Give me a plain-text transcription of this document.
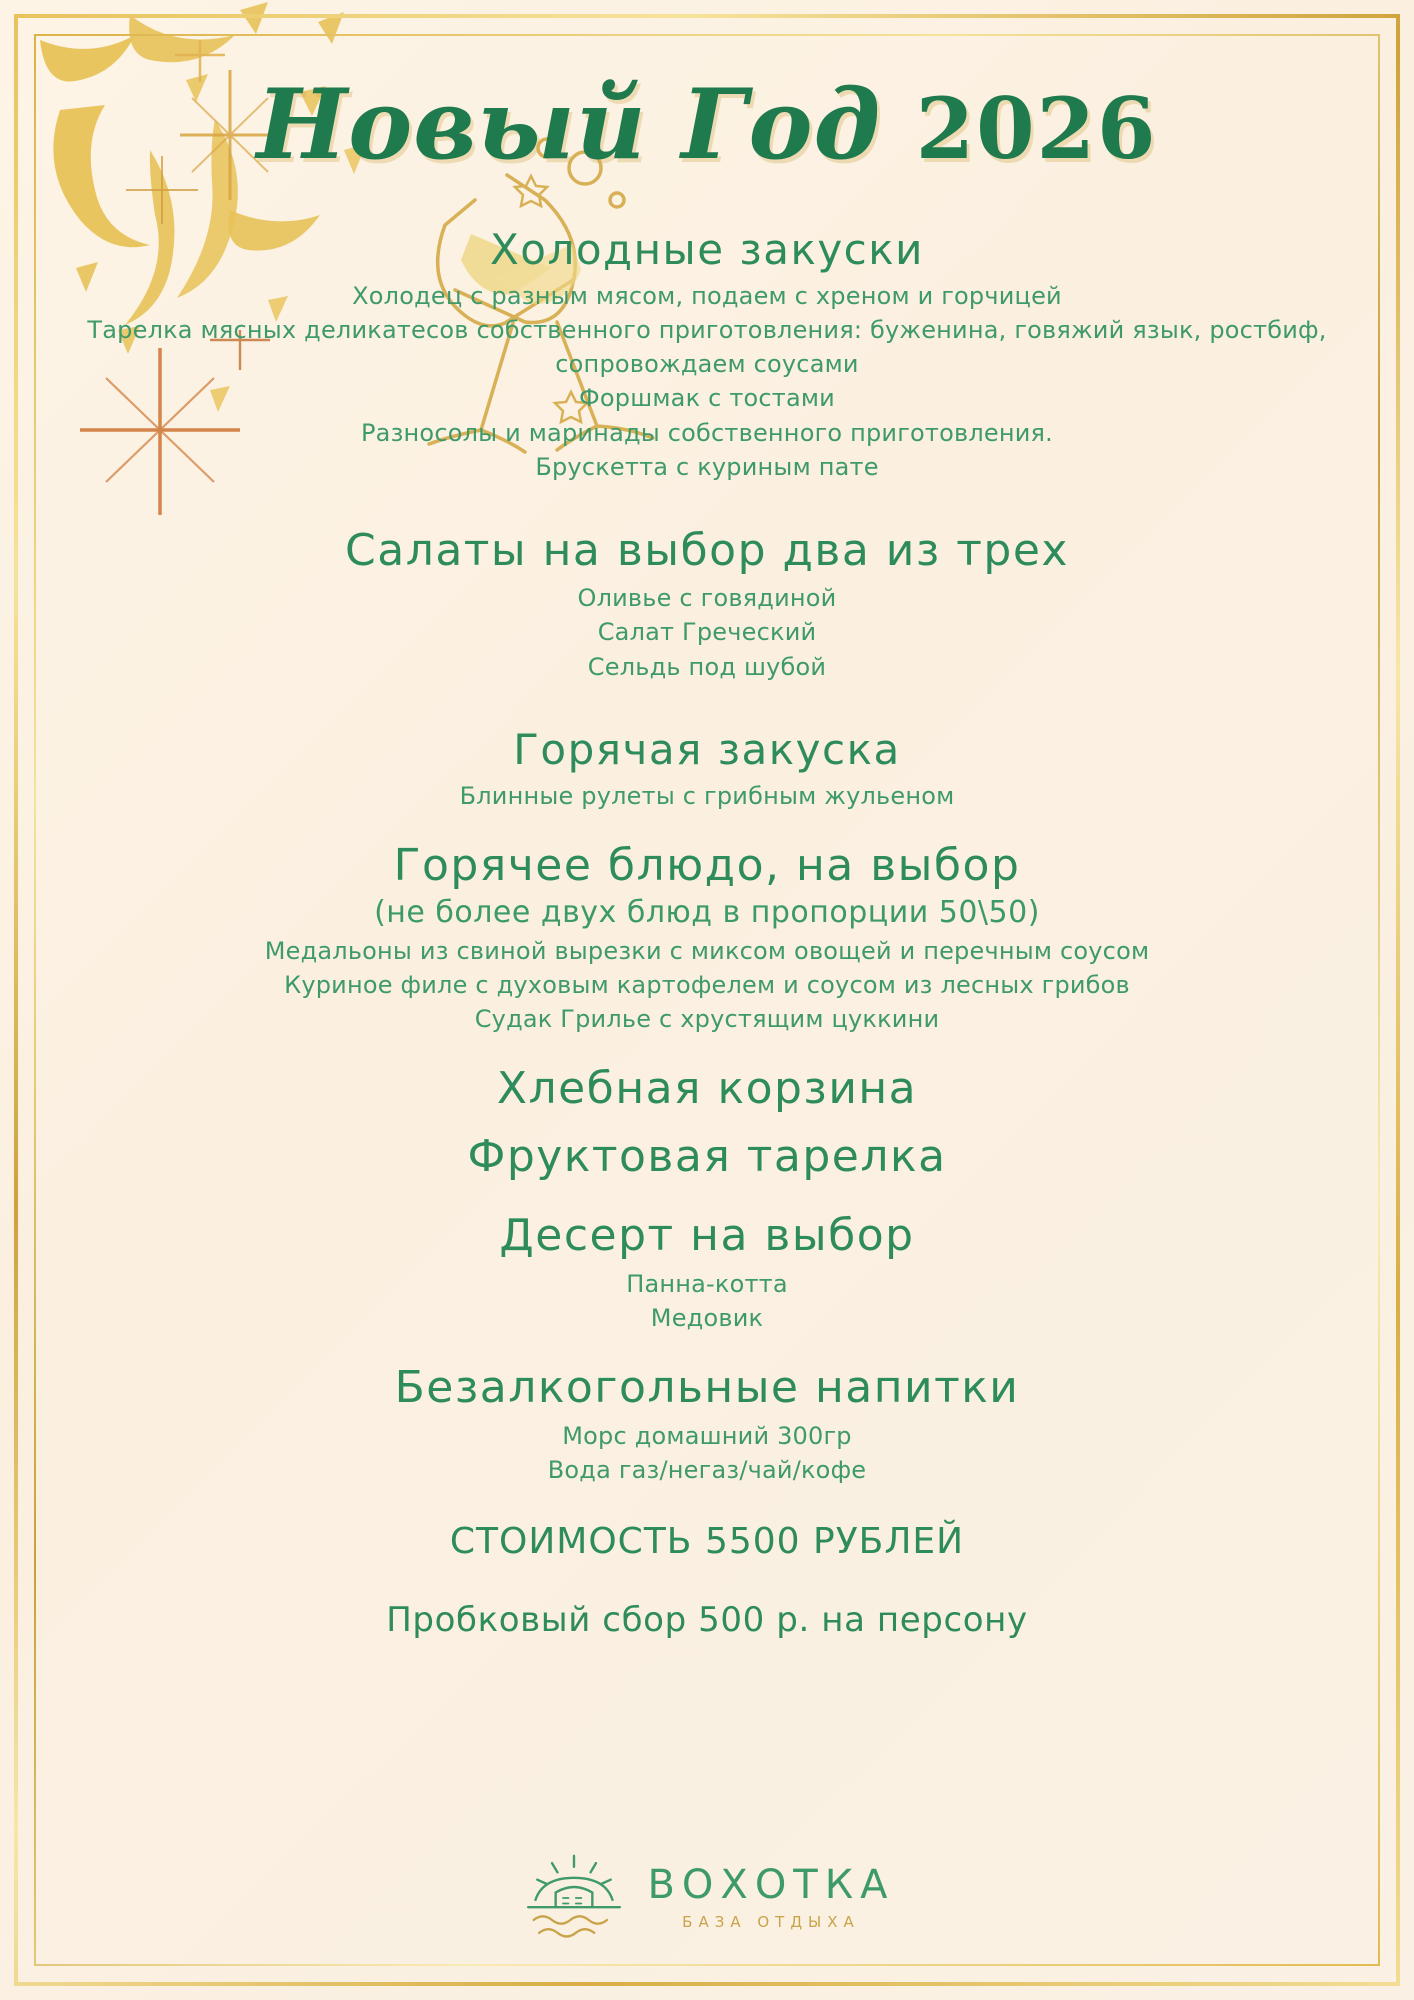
Новый Год 2026
Холодные закуски
Холодец с разным мясом, подаем с хреном и горчицей
Тарелка мясных деликатесов собственного приготовления: буженина, говяжий язык, ростбиф, сопровождаем соусами
Форшмак с тостами
Разносолы и маринады собственного приготовления.
Брускетта с куриным пате
Салаты на выбор два из трех
Оливье с говядиной
Салат Греческий
Сельдь под шубой
Горячая закуска
Блинные рулеты с грибным жульеном
Горячее блюдо, на выбор
(не более двух блюд в пропорции 50\50)
Медальоны из свиной вырезки с миксом овощей и перечным соусом
Куриное филе с духовым картофелем и соусом из лесных грибов
Судак Грилье с хрустящим цуккини
Хлебная корзина
Фруктовая тарелка
Десерт на выбор
Панна-котта
Медовик
Безалкогольные напитки
Морс домашний 300гр
Вода газ/негаз/чай/кофе
СТОИМОСТЬ 5500 РУБЛЕЙ
Пробковый сбор 500 р. на персону
ВОХОТКА
БАЗА ОТДЫХА
